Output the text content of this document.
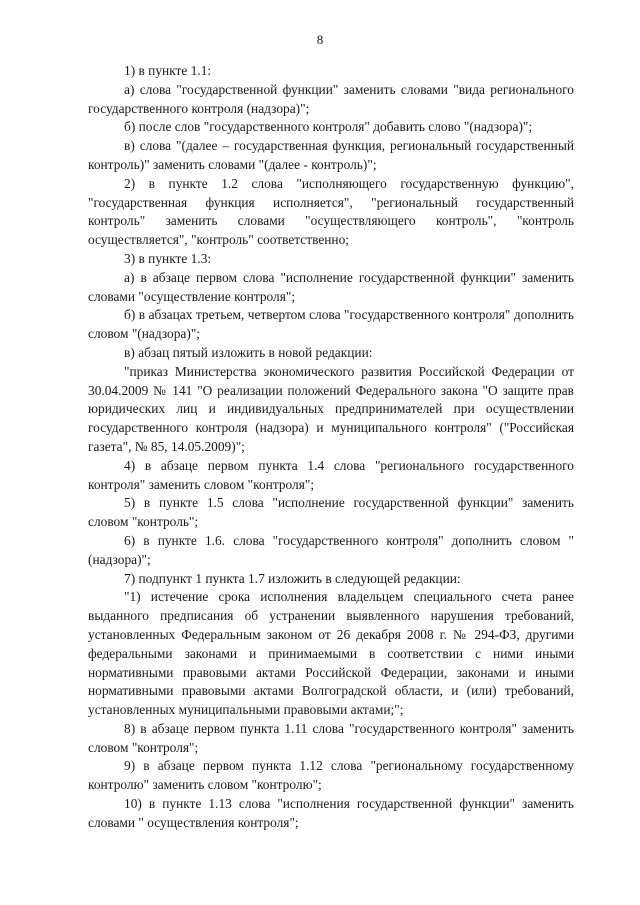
8

1) в пункте 1.1:

а) слова "государственной функции" заменить словами "вида регионального государственного контроля (надзора)";

б) после слов "государственного контроля" добавить слово "(надзора)";

в) слова "(далее – государственная функция, региональный государственный контроль)" заменить словами "(далее - контроль)";

2) в пункте 1.2 слова "исполняющего государственную функцию", "государственная функция исполняется", "региональный государственный контроль" заменить словами "осуществляющего контроль", "контроль осуществляется", "контроль" соответственно;

3) в пункте 1.3:

а) в абзаце первом слова "исполнение государственной функции" заменить словами "осуществление контроля";

б) в абзацах третьем, четвертом слова "государственного контроля" дополнить словом "(надзора)";

в) абзац пятый изложить в новой редакции:

"приказ Министерства экономического развития Российской Федерации от 30.04.2009 № 141 "О реализации положений Федерального закона "О защите прав юридических лиц и индивидуальных предпринимателей при осуществлении государственного контроля (надзора) и муниципального контроля" ("Российская газета", № 85, 14.05.2009)";

4) в абзаце первом пункта 1.4 слова "регионального государственного контроля" заменить словом "контроля";

5) в пункте 1.5 слова "исполнение государственной функции" заменить словом "контроль";

6) в пункте 1.6. слова "государственного контроля" дополнить словом "(надзора)";

7) подпункт 1 пункта 1.7 изложить в следующей редакции:

"1) истечение срока исполнения владельцем специального счета ранее выданного предписания об устранении выявленного нарушения требований, установленных Федеральным законом от 26 декабря 2008 г. № 294-ФЗ, другими федеральными законами и принимаемыми в соответствии с ними иными нормативными правовыми актами Российской Федерации, законами и иными нормативными правовыми актами Волгоградской области, и (или) требований, установленных муниципальными правовыми актами;";

8) в абзаце первом пункта 1.11 слова "государственного контроля" заменить словом "контроля";

9) в абзаце первом пункта 1.12 слова "региональному государственному контролю" заменить словом "контролю";

10) в пункте 1.13 слова "исполнения государственной функции" заменить словами " осуществления контроля";
